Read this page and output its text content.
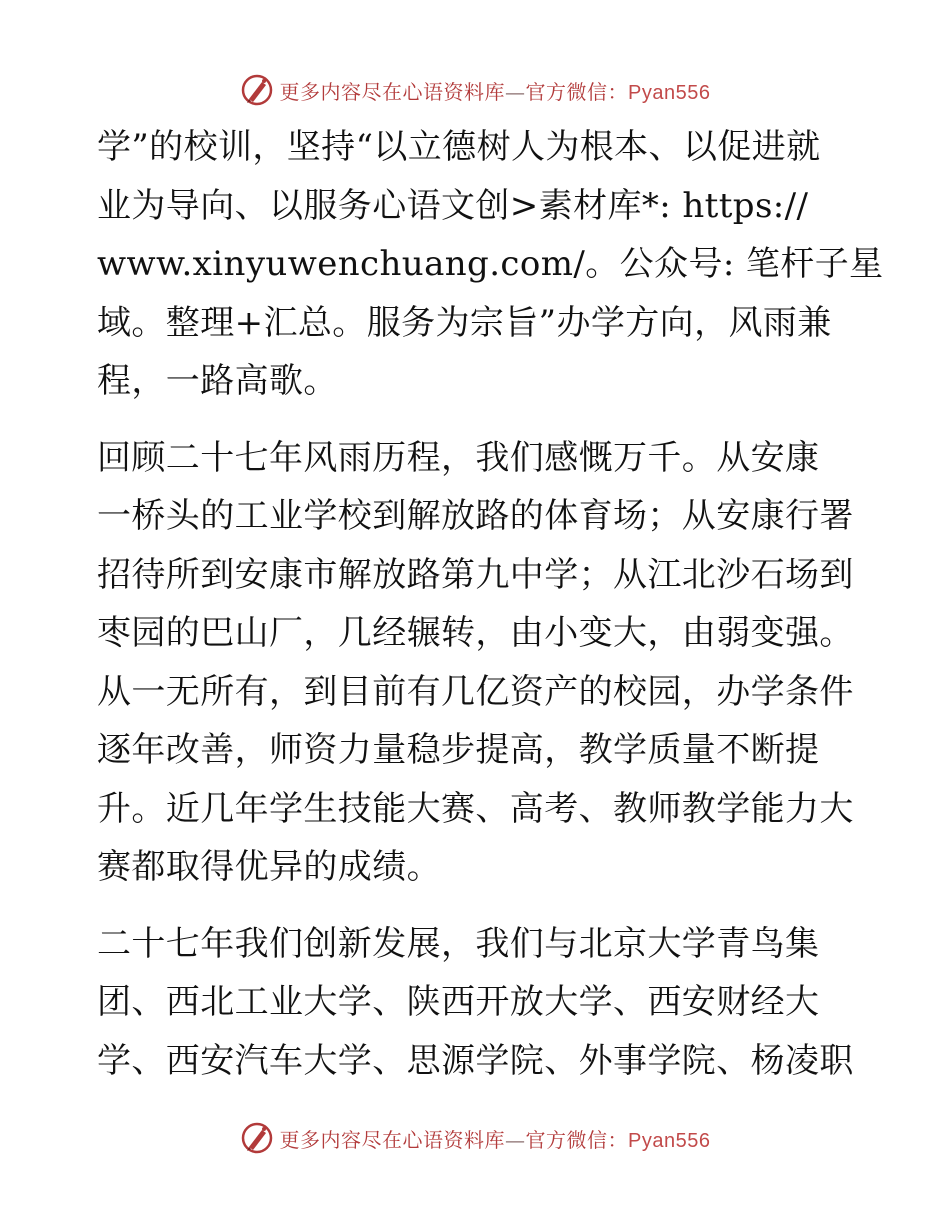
更多内容尽在心语资料库—官方微信：Pyan556
学”的校训，坚持“以立德树人为根本、以促进就
业为导向、以服务心语文创>素材库*: https://
www.xinyuwenchuang.com/。公众号: 笔杆子星
域。整理+汇总。服务为宗旨”办学方向，风雨兼
程，一路高歌。
回顾二十七年风雨历程，我们感慨万千。从安康
一桥头的工业学校到解放路的体育场；从安康行署
招待所到安康市解放路第九中学；从江北沙石场到
枣园的巴山厂，几经辗转，由小变大，由弱变强。
从一无所有，到目前有几亿资产的校园，办学条件
逐年改善，师资力量稳步提高，教学质量不断提
升。近几年学生技能大赛、高考、教师教学能力大
赛都取得优异的成绩。
二十七年我们创新发展，我们与北京大学青鸟集
团、西北工业大学、陕西开放大学、西安财经大
学、西安汽车大学、思源学院、外事学院、杨凌职
更多内容尽在心语资料库—官方微信：Pyan556
